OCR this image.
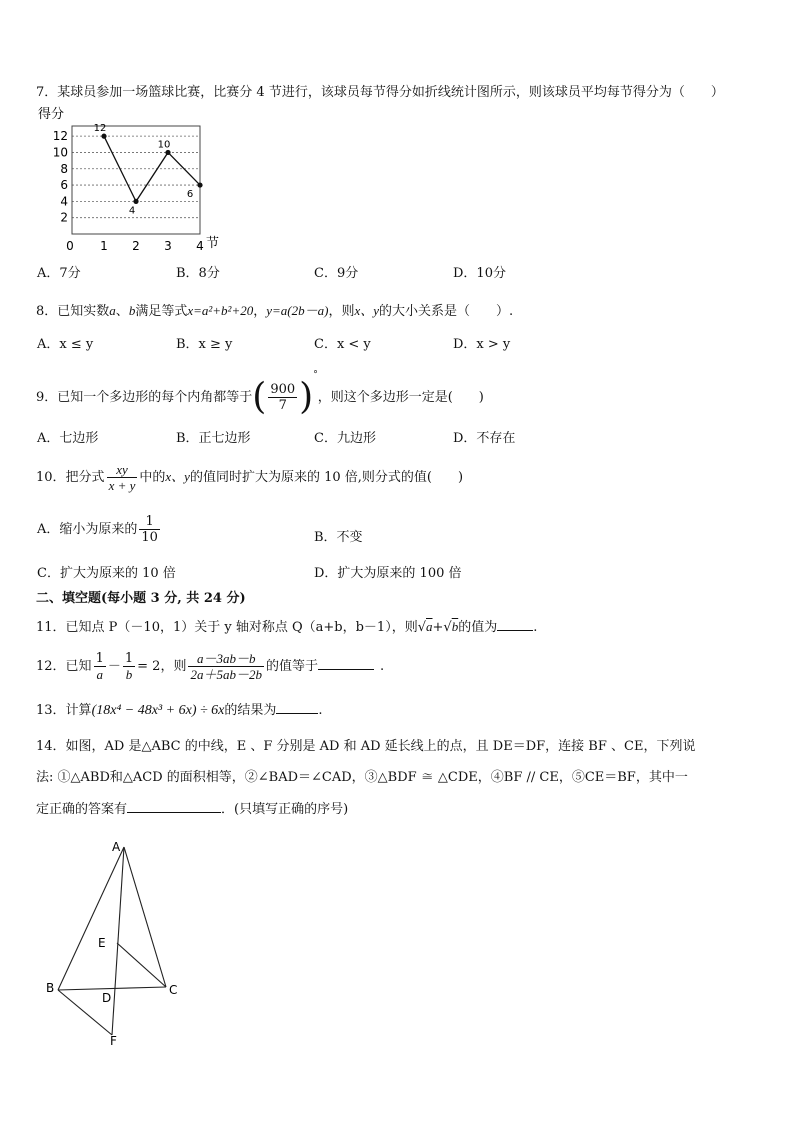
7．某球员参加一场篮球比赛，比赛分 4 节进行，该球员每节得分如折线统计图所示，则该球员平均每节得分为（　　）
2
4
6
8
10
12
0 1 2 3 4
12
4
10
6
得分
节
A．7分	B．8分	C．9分	D．10分
8．已知实数a、b满足等式x=a²+b²+20，y=a(2b－a)，则x、y的大小关系是（　　）.
A．x ≤ y	B．x ≥ y	C．x < y	D．x > y
9．已知一个多边形的每个内角都等于( $\frac{900}{7} )^\circ$，则这个多边形一定是(　　)
A．七边形	B．正七边形	C．九边形	D．不存在
10．把分式 $\frac{xy}{x + y}$ 中的x、y的值同时扩大为原来的 10 倍,则分式的值(　　)
A．缩小为原来的 $\frac{1}{10}$	B．不变
C．扩大为原来的 10 倍	D．扩大为原来的 100 倍
二、填空题(每小题 3 分, 共 24 分)
11．已知点 P（－10，1）关于 y 轴对称点 Q（a+b，b－1），则√a+√b的值为	.
12．已知 $\frac{1}{a} - \frac{1}{b} = 2$，则 $\frac{a-3ab-b}{2a+5ab-2b}$ 的值等于	.
13．计算(18x⁴ − 48x³ + 6x) ÷ 6x的结果为	.
14．如图，AD 是△ABC 的中线，E 、F 分别是 AD 和 AD 延长线上的点，且 DE＝DF，连接 BF 、CE，下列说
法: ①△ABD和△ACD 的面积相等，②∠BAD＝∠CAD，③△BDF ≅ △CDE，④BF // CE，⑤CE＝BF，其中一
定正确的答案有	．(只填写正确的序号)
A
B	C
D
E
F
